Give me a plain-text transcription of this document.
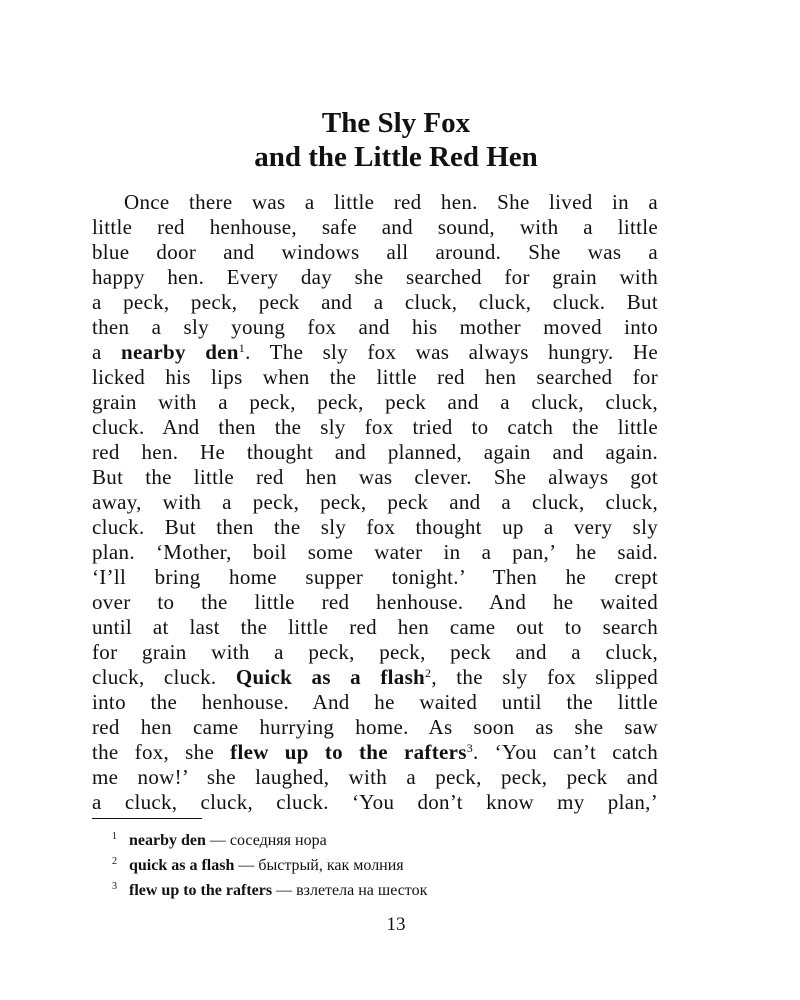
The Sly Fox
and the Little Red Hen
Once there was a little red hen. She lived in a
little red henhouse, safe and sound, with a little
blue door and windows all around. She was a
happy hen. Every day she searched for grain with
a peck, peck, peck and a cluck, cluck, cluck. But
then a sly young fox and his mother moved into
a nearby den$^1$. The sly fox was always hungry. He
licked his lips when the little red hen searched for
grain with a peck, peck, peck and a cluck, cluck,
cluck. And then the sly fox tried to catch the little
red hen. He thought and planned, again and again.
But the little red hen was clever. She always got
away, with a peck, peck, peck and a cluck, cluck,
cluck. But then the sly fox thought up a very sly
plan. ‘Mother, boil some water in a pan,’ he said.
‘I’ll bring home supper tonight.’ Then he crept
over to the little red henhouse. And he waited
until at last the little red hen came out to search
for grain with a peck, peck, peck and a cluck,
cluck, cluck. Quick as a flash$^2$, the sly fox slipped
into the henhouse. And he waited until the little
red hen came hurrying home. As soon as she saw
the fox, she flew up to the rafters$^3$. ‘You can’t catch
me now!’ she laughed, with a peck, peck, peck and
a cluck, cluck, cluck. ‘You don’t know my plan,’
$^1$ nearby den — соседняя нора
$^2$ quick as a flash — быстрый, как молния
$^3$ flew up to the rafters — взлетела на шесток
13
